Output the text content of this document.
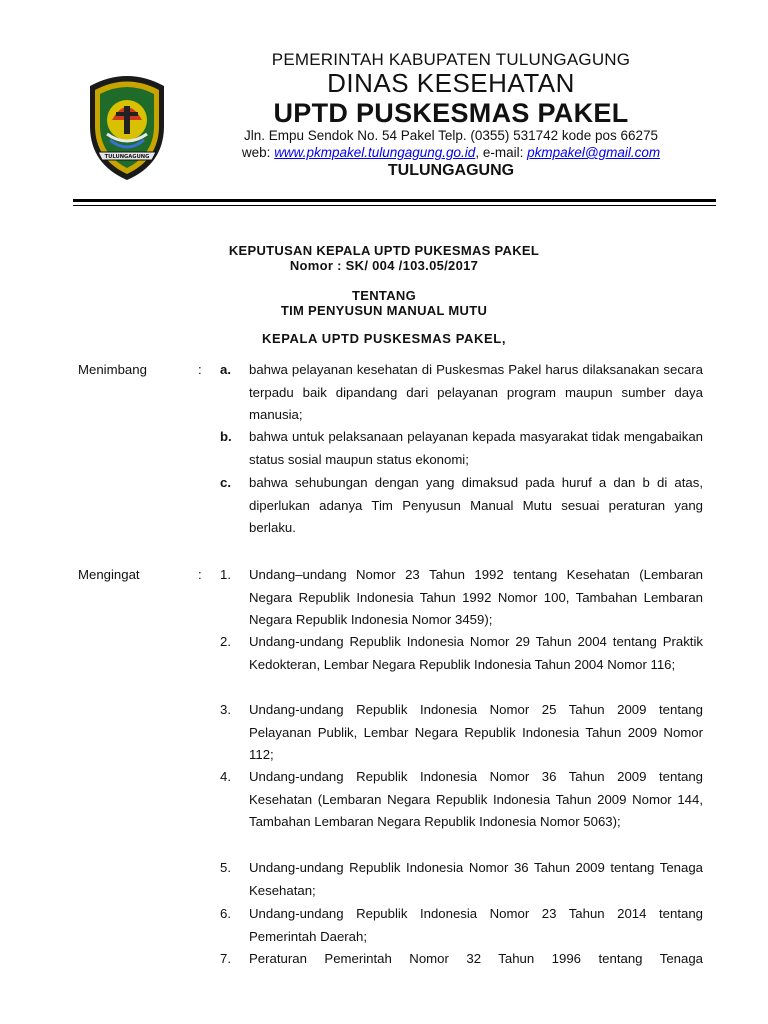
TULUNGAGUNG
PEMERINTAH KABUPATEN TULUNGAGUNG
DINAS KESEHATAN
UPTD PUSKESMAS PAKEL
Jln. Empu Sendok No. 54 Pakel Telp. (0355) 531742 kode pos 66275
web: www.pkmpakel.tulungagung.go.id, e-mail: pkmpakel@gmail.com
TULUNGAGUNG
KEPUTUSAN KEPALA UPTD PUKESMAS PAKEL
Nomor : SK/ 004 /103.05/2017
TENTANG
TIM PENYUSUN MANUAL MUTU
KEPALA UPTD PUSKESMAS PAKEL,
Menimbang	: a. bahwa pelayanan kesehatan di Puskesmas Pakel harus dilaksanakan secara terpadu baik dipandang dari pelayanan program maupun sumber daya manusia;
b. bahwa untuk pelaksanaan pelayanan kepada masyarakat tidak mengabaikan status sosial maupun status ekonomi;
c. bahwa sehubungan dengan yang dimaksud pada huruf a dan b di atas, diperlukan adanya Tim Penyusun Manual Mutu sesuai peraturan yang berlaku.
Mengingat	: 1. Undang–undang Nomor 23 Tahun 1992 tentang Kesehatan (Lembaran Negara Republik Indonesia Tahun 1992 Nomor 100, Tambahan Lembaran Negara Republik Indonesia Nomor 3459);
2. Undang-undang Republik Indonesia Nomor 29 Tahun 2004 tentang Praktik Kedokteran, Lembar Negara Republik Indonesia Tahun 2004 Nomor 116;
3. Undang-undang Republik Indonesia Nomor 25 Tahun 2009 tentang Pelayanan Publik, Lembar Negara Republik Indonesia Tahun 2009 Nomor 112;
4. Undang-undang Republik Indonesia Nomor 36 Tahun 2009 tentang Kesehatan (Lembaran Negara Republik Indonesia Tahun 2009 Nomor 144, Tambahan Lembaran Negara Republik Indonesia Nomor 5063);
5. Undang-undang Republik Indonesia Nomor 36 Tahun 2009 tentang Tenaga Kesehatan;
6. Undang-undang Republik Indonesia Nomor 23 Tahun 2014 tentang Pemerintah Daerah;
7. Peraturan Pemerintah Nomor 32 Tahun 1996 tentang Tenaga
